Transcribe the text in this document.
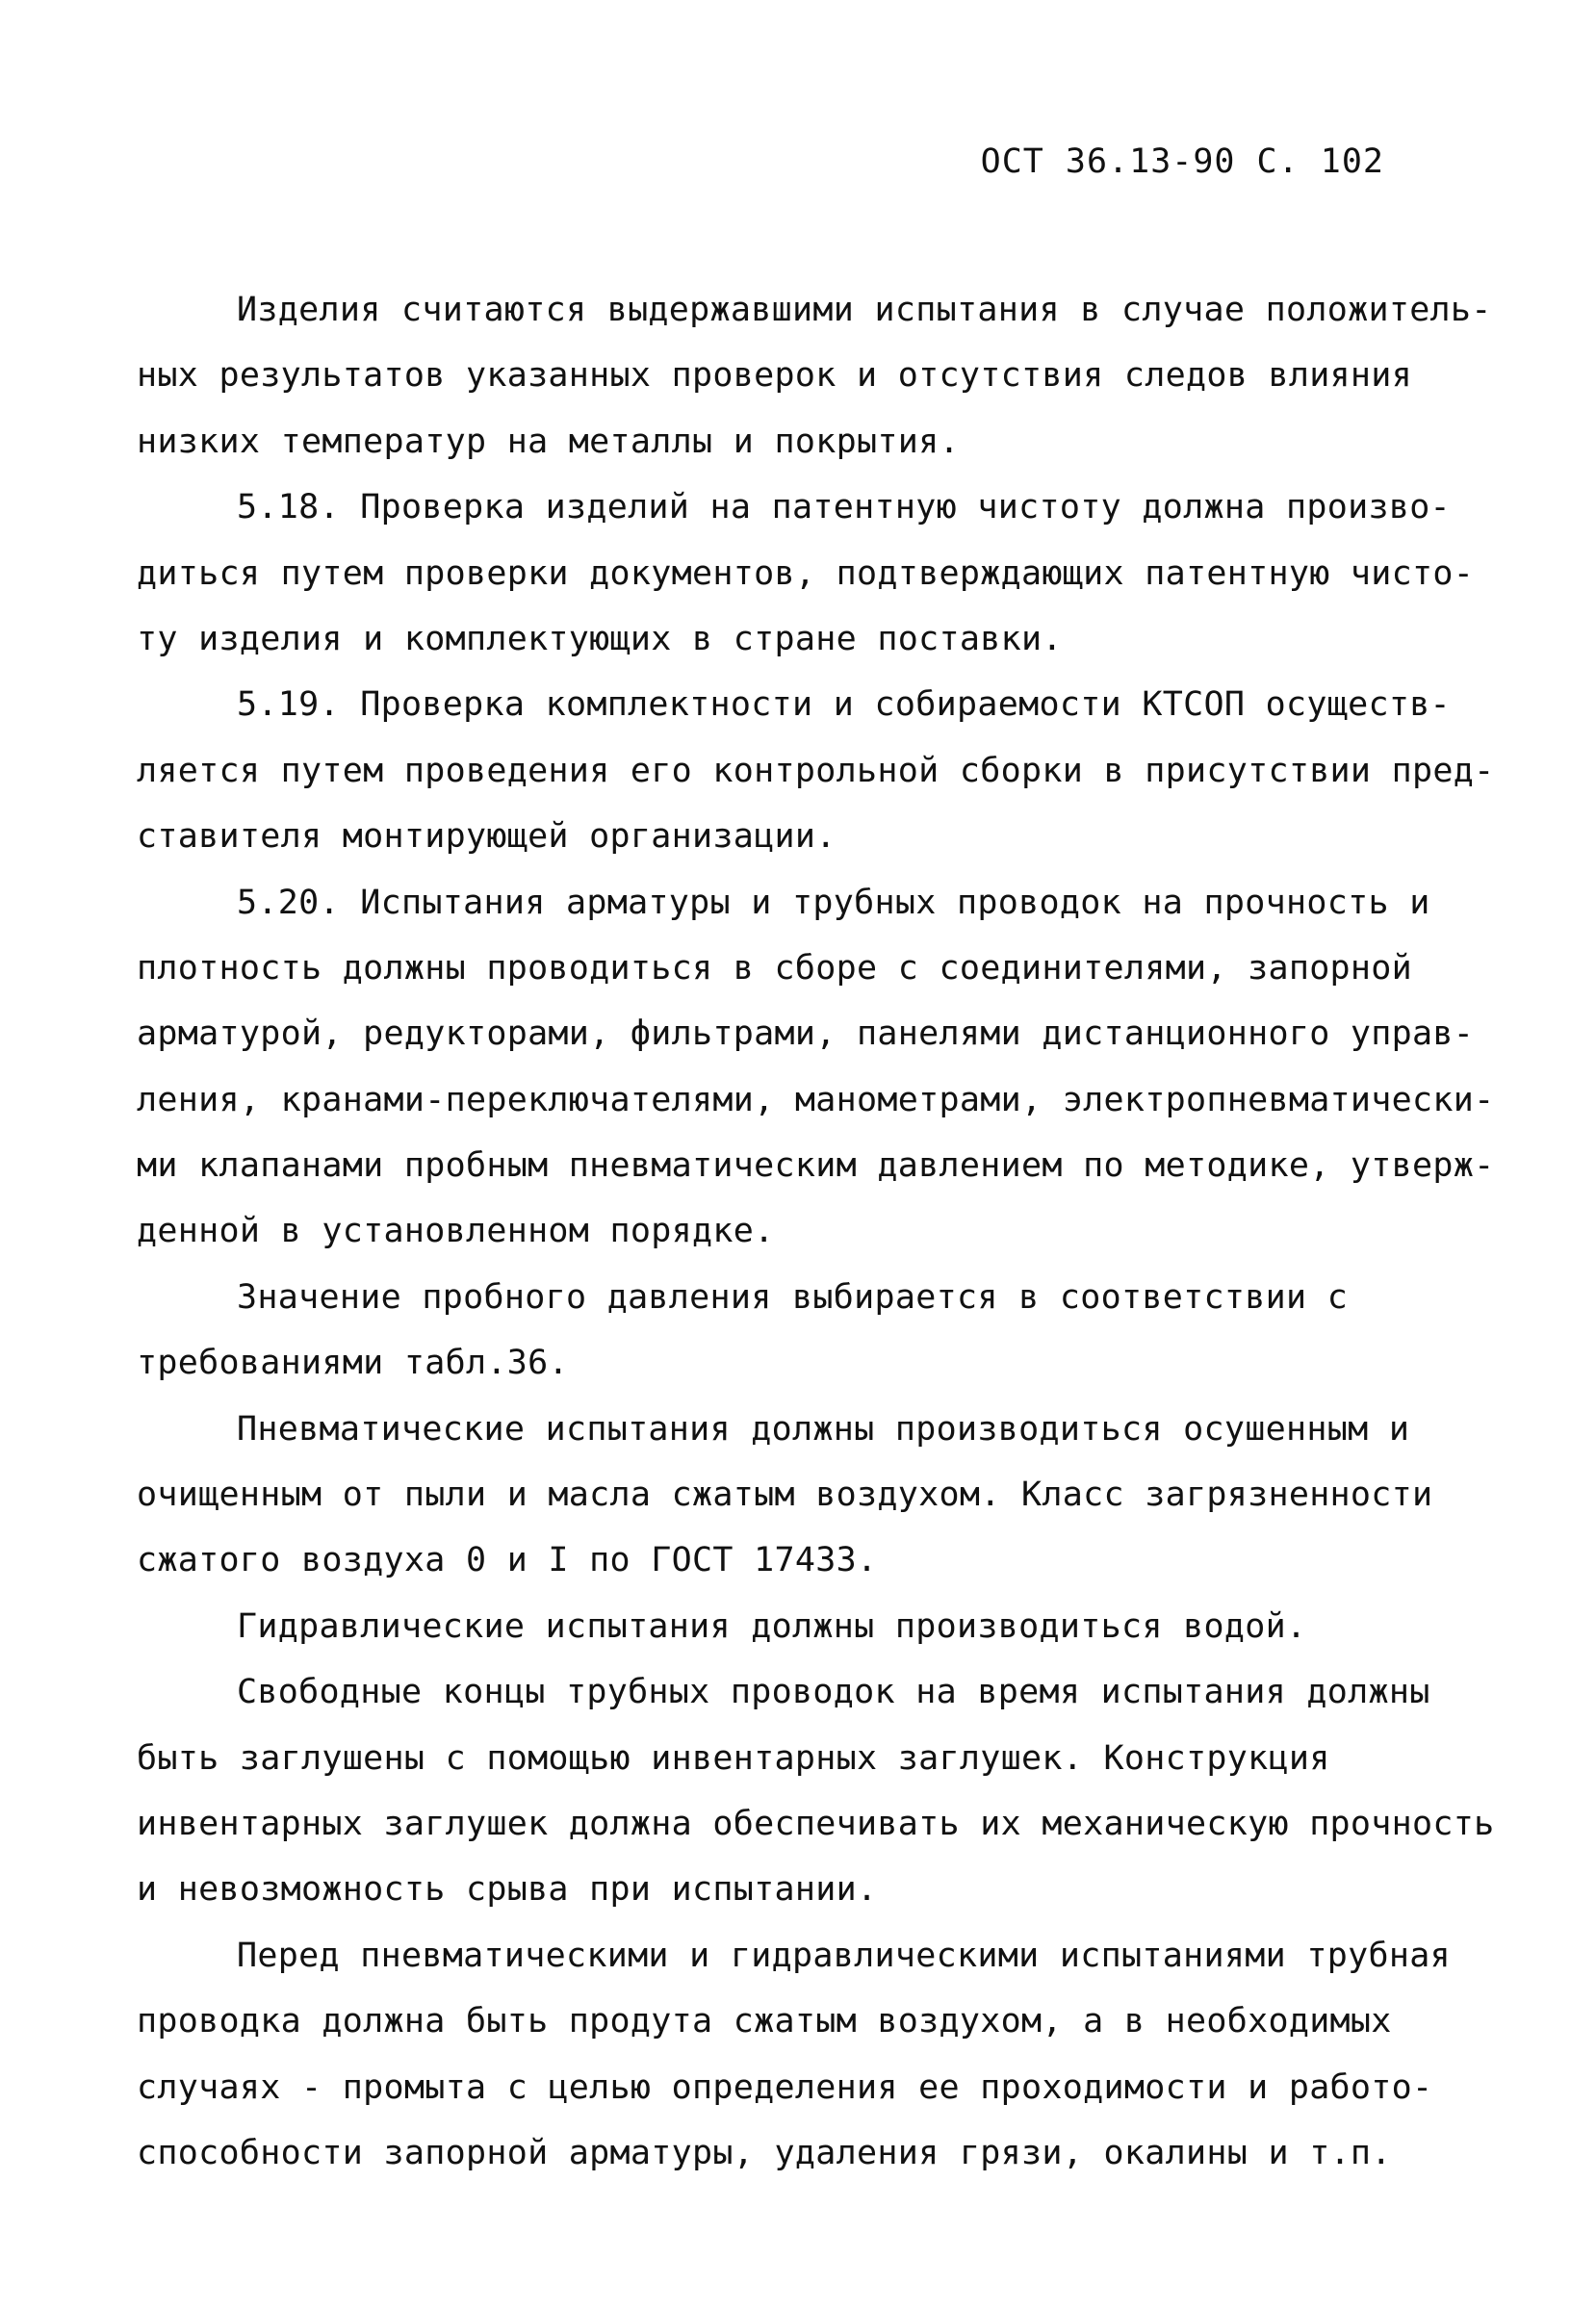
ОСТ 36.13-90 С. 102
Изделия считаются выдержавшими испытания в случае положитель-
ных результатов указанных проверок и отсутствия следов влияния
низких температур на металлы и покрытия.
5.18. Проверка изделий на патентную чистоту должна произво-
диться путем проверки документов, подтверждающих патентную чисто-
ту изделия и комплектующих в стране поставки.
5.19. Проверка комплектности и собираемости КТСОП осуществ-
ляется путем проведения его контрольной сборки в присутствии пред-
ставителя монтирующей организации.
5.20. Испытания арматуры и трубных проводок на прочность и
плотность должны проводиться в сборе с соединителями, запорной
арматурой, редукторами, фильтрами, панелями дистанционного управ-
ления, кранами-переключателями, манометрами, электропневматически-
ми клапанами пробным пневматическим давлением по методике, утверж-
денной в установленном порядке.
Значение пробного давления выбирается в соответствии с
требованиями табл.36.
Пневматические испытания должны производиться осушенным и
очищенным от пыли и масла сжатым воздухом. Класс загрязненности
сжатого воздуха 0 и I по ГОСТ 17433.
Гидравлические испытания должны производиться водой.
Свободные концы трубных проводок на время испытания должны
быть заглушены с помощью инвентарных заглушек. Конструкция
инвентарных заглушек должна обеспечивать их механическую прочность
и невозможность срыва при испытании.
Перед пневматическими и гидравлическими испытаниями трубная
проводка должна быть продута сжатым воздухом, а в необходимых
случаях - промыта с целью определения ее проходимости и работо-
способности запорной арматуры, удаления грязи, окалины и т.п.
